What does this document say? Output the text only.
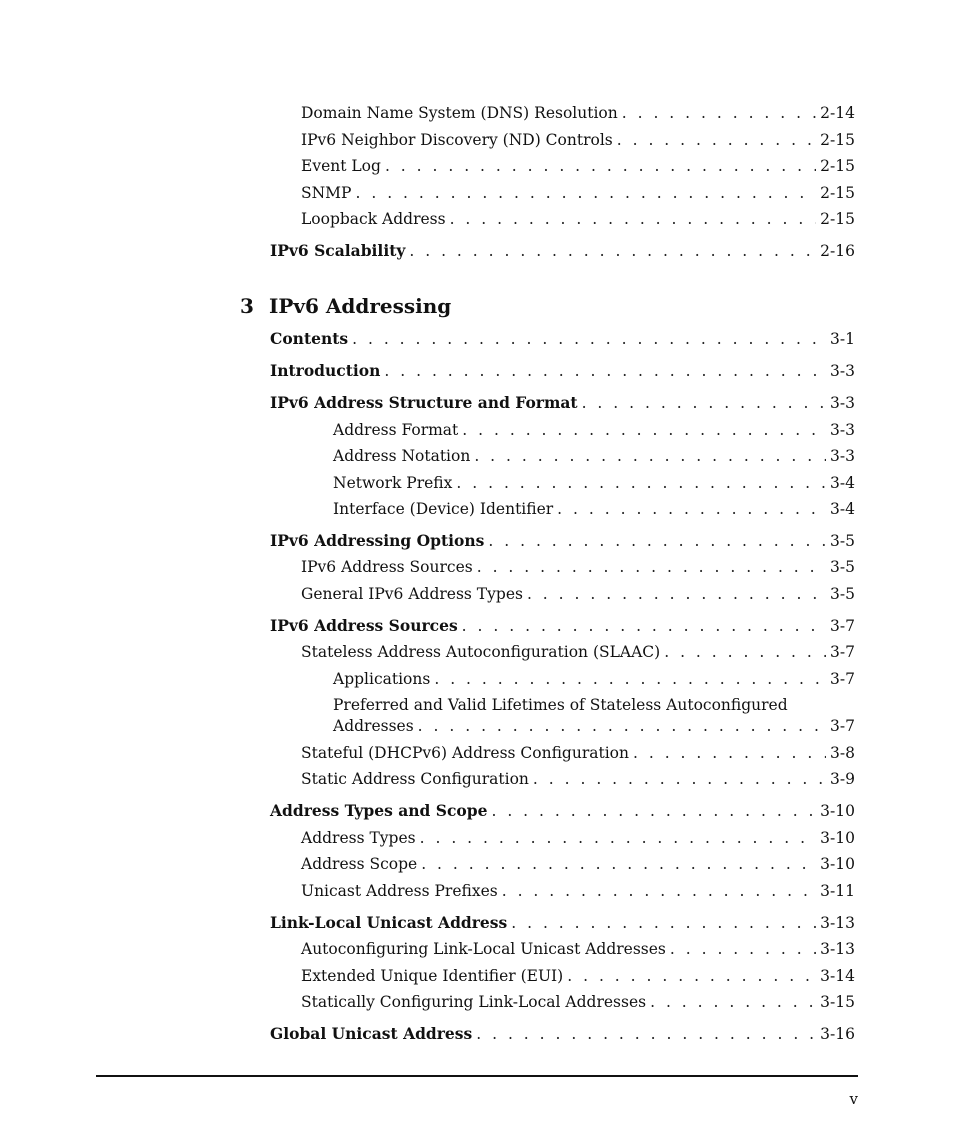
3 IPv6 Addressing
Domain Name System (DNS) Resolution . . .	2-14
IPv6 Neighbor Discovery (ND) Controls . . .	2-15
Event Log . . .	2-15
SNMP . . .	2-15
Loopback Address . . .	2-15
IPv6 Scalability . . .	2-16
Contents . . .	3-1
Introduction . . .	3-3
IPv6 Address Structure and Format . . .	3-3
Address Format . . .	3-3
Address Notation . . .	3-3
Network Prefix . . .	3-4
Interface (Device) Identifier . . .	3-4
IPv6 Addressing Options . . .	3-5
IPv6 Address Sources . . .	3-5
General IPv6 Address Types . . .	3-5
IPv6 Address Sources . . .	3-7
Stateless Address Autoconfiguration (SLAAC) . . .	3-7
Applications . . .	3-7
Preferred and Valid Lifetimes of Stateless Autoconfigured
Addresses . . .	3-7
Stateful (DHCPv6) Address Configuration . . .	3-8
Static Address Configuration . . .	3-9
Address Types and Scope . . .	3-10
Address Types . . .	3-10
Address Scope . . .	3-10
Unicast Address Prefixes . . .	3-11
Link-Local Unicast Address . . .	3-13
Autoconfiguring Link-Local Unicast Addresses . . .	3-13
Extended Unique Identifier (EUI) . . .	3-14
Statically Configuring Link-Local Addresses . . .	3-15
Global Unicast Address . . .	3-16
v
